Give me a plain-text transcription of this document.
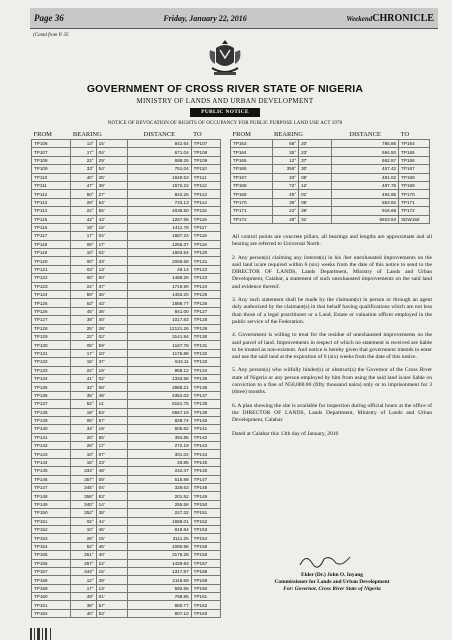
Page 36	Friday, January 22, 2016	WeekendCHRONICLE
(Contd from P. 35
GOVERNMENT OF CROSS RIVER STATE OF NIGERIA
MINISTRY OF LANDS AND URBAN DEVELOPMENT
PUBLIC NOTICE
NOTICE OF REVOCATION OF RIGHTS OF OCCUPANCY FOR PUBLIC PURPOSE LAND USE ACT 1978
FROM	BEARING		DISTANCE	TO
TP106	13°	15'	842.64	TP107
TP107	17°	04'	671.04	TP108
TP108	22°	29'	698.25	TP109
TP109	33°	54'	751.04	TP110
TP110	40°	25'	1649.53	TP111
TP111	47°	39'	1572.22	TP112
TP112	50°	27'	842.26	TP113
TP113	28°	54'	733.13	TP114
TP114	22°	55'	4036.50	TP115
TP115	42°	43'	1267.55	TP116
TP116	19°	16'	1411.78	TP117
TP117	17°	04'	1687.24	TP118
TP118	08°	17'	1256.37	TP119
TP119	10°	02'	1683.54	TP120
TP120	00°	33'	2068.58	TP121
TP121	03°	13'	48.14	TP122
TP122	00°	00'	1488.26	TP123
TP123	22°	37'	1719.90	TP124
TP124	59°	36'	1452.20	TP125
TP125	53°	43'	1888.77	TP126
TP126	45°	36'	841.00	TP127
TP127	38°	40'	1017.83	TP128
TP128	25°	28'	12121.26	TP129
TP129	22°	02'	3141.94	TP130
TP130	08°	59'	1167.78	TP131
TP131	17°	10'	1176.88	TP132
TP132	15°	37'	842.11	TP133
TP133	22°	19'	958.12	TP134
TP134	41°	02'	1333.56	TP135
TP135	32°	08'	2888.21	TP136
TP136	35°	48'	4352.03	TP137
TP137	52°	11'	5151.75	TP138
TP138	19°	53'	6557.16	TP139
TP139	05°	57'	828.74	TP140
TP140	34°	19'	605.62	TP141
TP141	20°	55'	394.85	TP142
TP142	28°	17'	272.19	TP143
TP143	10°	07'	301.02	TP144
TP144	16°	23'	33.85	TP145
TP145	334°	48'	242.47	TP146
TP146	357°	09'	515.88	TP147
TP147	345°	04'	328.63	TP148
TP148	358°	53'	201.52	TP149
TP149	340°	14'	255.58	TP150
TP150	352°	38'	227.32	TP151
TP151	02°	44'	1688.01	TP152
TP152	10°	46'	818.94	TP153
TP153	26°	15'	3111.25	TP154
TP154	52°	46'	1080.96	TP155
TP155	351°	40'	3176.28	TP156
TP156	357°	22'	1429.93	TP157
TP157	344°	15'	1317.87	TP158
TP158	12°	39'	2119.59	TP159
TP159	17°	13'	592.66	TP160
TP160	49°	01'	768.86	TP161
TP161	38°	57'	680.77	TP162
TP162	40°	53'	807.10	TP163
FROM	BEARING		DISTANCE	TO
TP163	68°	20'	785.86	TP164
TP164	35°	23'	694.50	TP165
TP165	12°	37'	662.57	TP166
TP166	358°	30'	457.42	TP167
TP167	33°	08'	481.02	TP168
TP168	72°	12'	487.76	TP169
TP169	45°	01'	494.85	TP170
TP170	36°	08'	553.82	TP171
TP171	22°	39'	916.68	TP172
TP172	48°	31'	5923.93	SDW150

All control points are concrete pillars, all bearings and lengths are approximate and all bearing are referred to Universal North.

2. Any person(s) claiming any interest(s) in his /her unexhausted improvements on the said land is/are required within 6 (six) weeks from the date of this notice to send to the DIRECTOR OF LANDS, Lands Department, Ministry of Lands and Urban Development, Calabar, a statement of such unexhausted improvements on the said land and evidence thereof.

3. Any such statement shall be made by the claimant(s) in person or through an agent duly authorized by the claimant(s) in that behalf having qualifications which are not less than those of a legal practitioner or a Land, Estate or valuation officer employed in the public service of the Federation.

4. Government is willing to treat for the residue of unexhausted improvements on the said parcel of land. Improvements in respect of which no statement is received are liable to be treated as non-existent. And notice is hereby given that government intends to enter and use the said land at the expiration of 6 (six) weeks from the date of this notice.

5. Any person(s) who wilfully hinder(s) or obstruct(s) the Governor of the Cross River state of Nigeria or any person employed by him from using the said land is/are liable on conviction to a fine of N50,000.00 (fifty thousand naira) only or to imprisonment for 3 (three) months.

6. A plan showing the site is available for inspection during official hours at the office of the DIRECTOR OF LANDS, Lands Department, Ministry of Lands and Urban Development, Calabar.

Dated at Calabar this 13th day of January, 2016

Elder (Dr.) John O. Inyang
Commissioner for Lands and Urban Development
For: Governor, Cross River State of Nigeria
